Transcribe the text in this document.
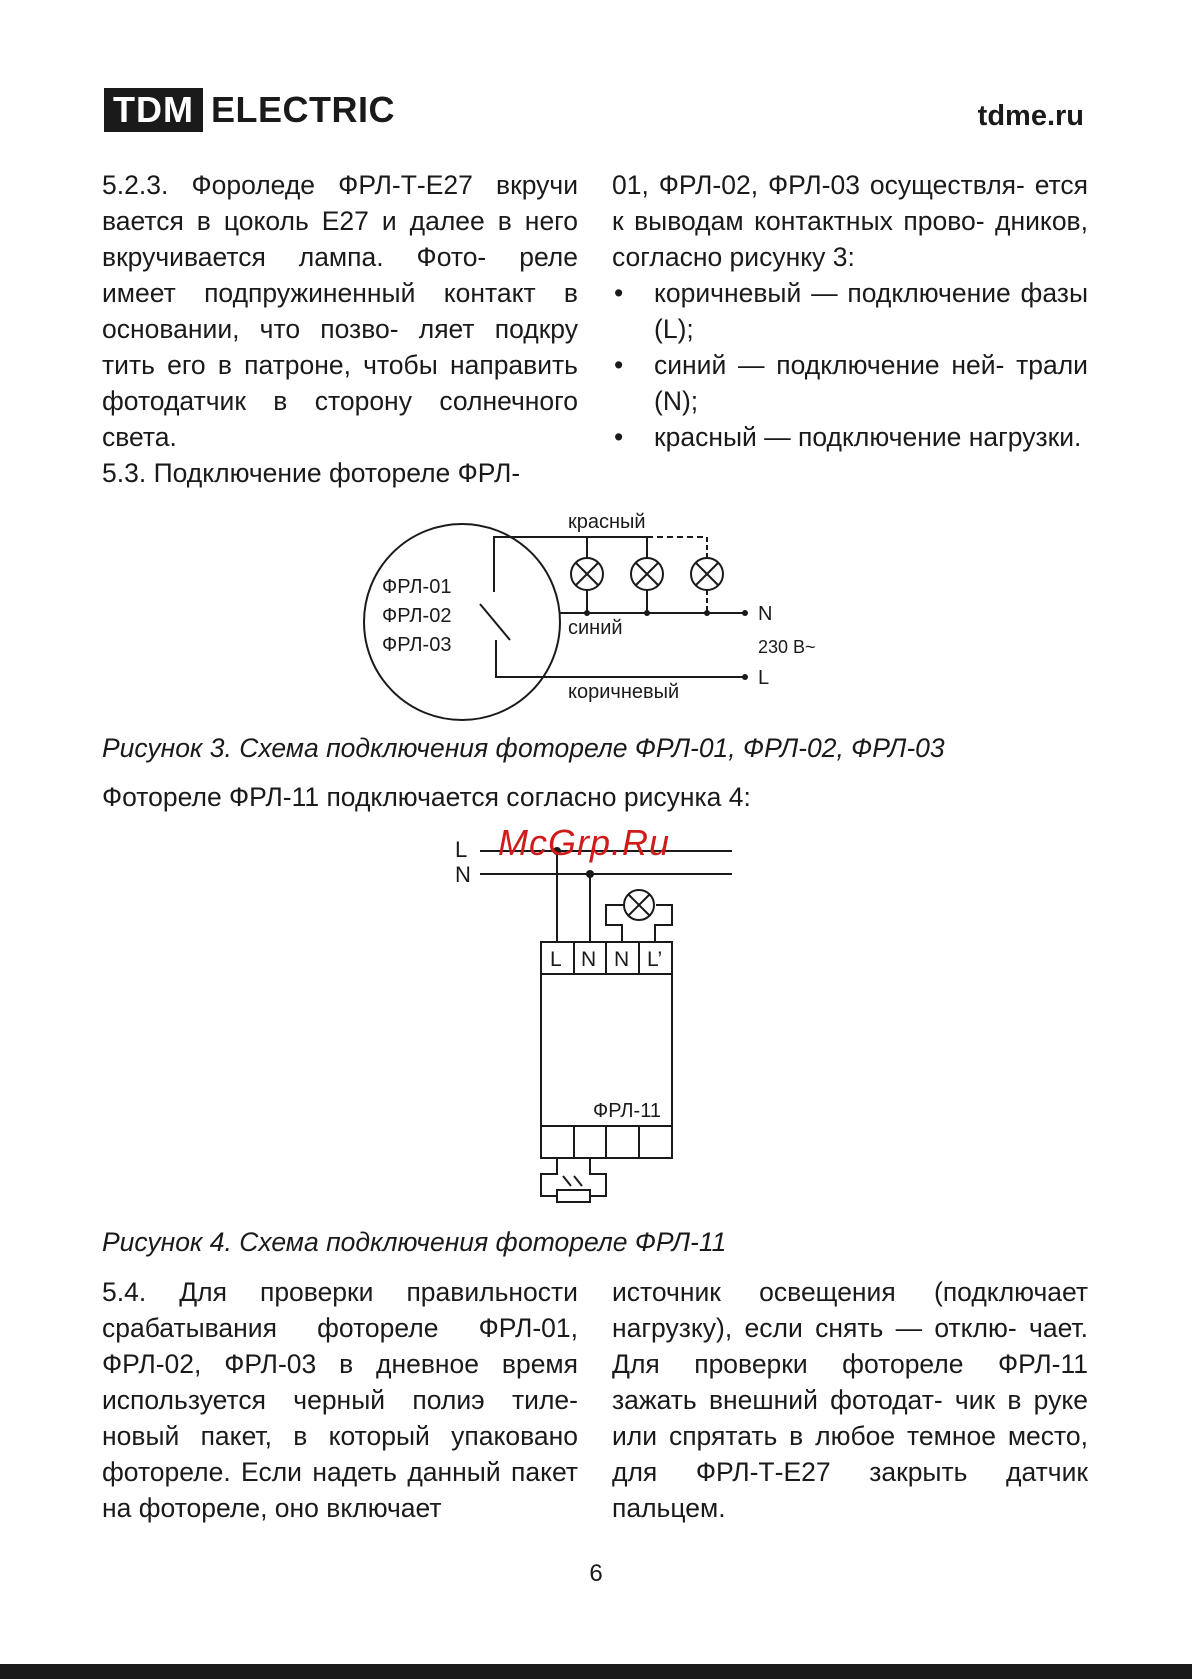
TDM ELECTRIC	tdme.ru

5.2.3. Фороледе ФРЛ-Т-Е27 вкручи вается в цоколь Е27 и далее в него вкручивается лампа. Фото- реле имеет подпружиненный контакт в основании, что позво- ляет подкру тить его в патроне, чтобы направить фотодатчик в сторону солнечного света.

5.3. Подключение фотореле ФРЛ-

01, ФРЛ-02, ФРЛ-03 осуществля- ется к выводам контактных прово- дников, согласно рисунку 3:

• коричневый — подключение фазы (L);
• синий — подключение ней- трали (N);
• красный — подключение нагрузки.
ФРЛ-01
ФРЛ-02
ФРЛ-03
красный
синий
коричневый
N
L
230 В~
Рисунок 3. Схема подключения фотореле ФРЛ-01, ФРЛ-02, ФРЛ-03
Фотореле ФРЛ-11 подключается согласно рисунка 4:
L
N
L N N L’
ФРЛ-11
McGrp.Ru
Рисунок 4. Схема подключения фотореле ФРЛ-11

5.4. Для проверки правильности срабатывания фотореле ФРЛ-01, ФРЛ-02, ФРЛ-03 в дневное время используется черный полиэ тиле- новый пакет, в который упаковано фотореле. Если надеть данный пакет на фотореле, оно включает

источник освещения (подключает нагрузку), если снять — отклю- чает. Для проверки фотореле ФРЛ-11 зажать внешний фотодат- чик в руке или спрятать в любое темное место, для ФРЛ-Т-Е27 закрыть датчик пальцем.

6
